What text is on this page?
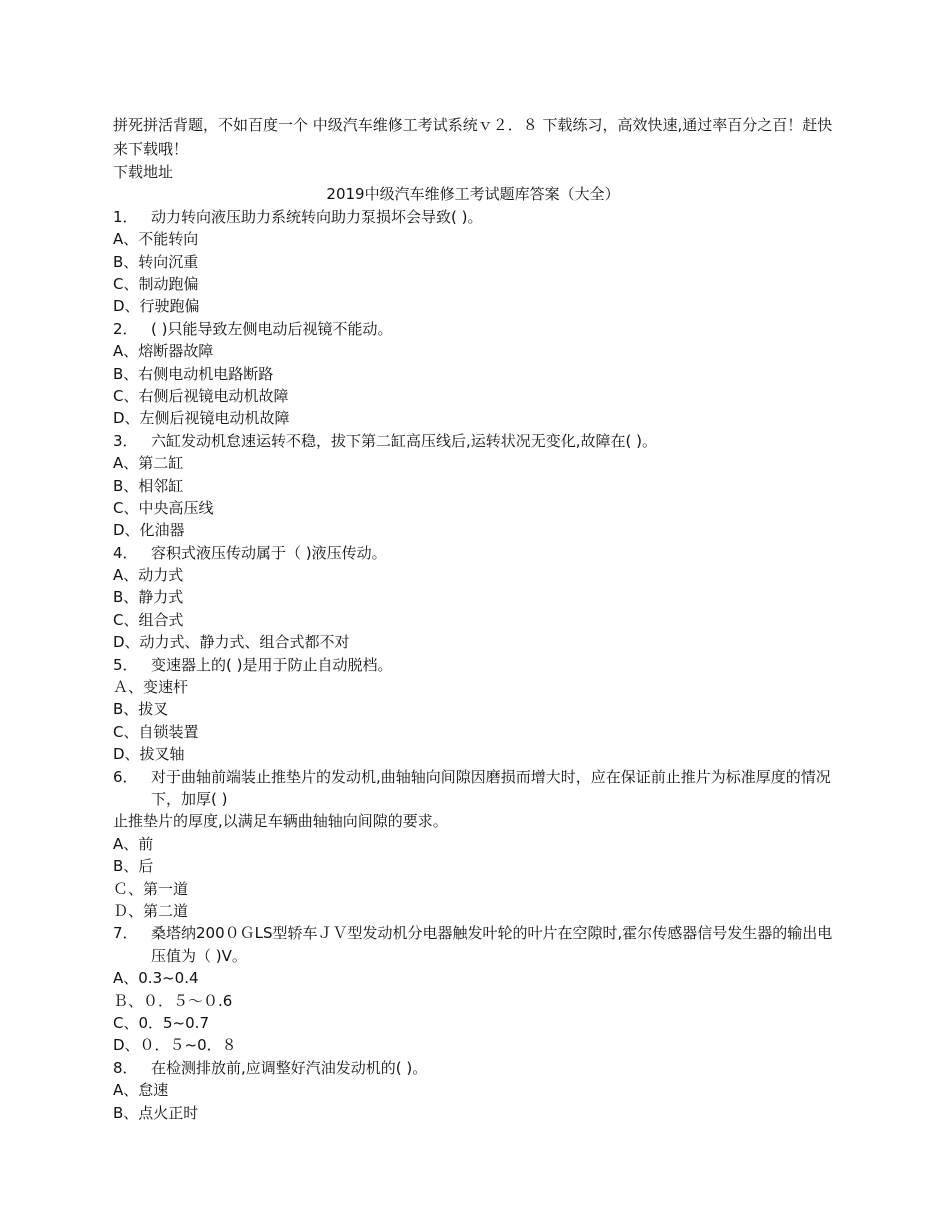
拼死拼活背题，不如百度一个 中级汽车维修工考试系统ｖ２．８ 下载练习，高效快速,通过率百分之百！赶快来下载哦！

下载地址

2019中级汽车维修工考试题库答案（大全）

1． 动力转向液压助力系统转向助力泵损坏会导致( )。

A、不能转向

B、转向沉重

C、制动跑偏

D、行驶跑偏

2． ( )只能导致左侧电动后视镜不能动。

A、熔断器故障

B、右侧电动机电路断路

C、右侧后视镜电动机故障

D、左侧后视镜电动机故障

3． 六缸发动机怠速运转不稳，拔下第二缸高压线后,运转状况无变化,故障在( )。

A、第二缸

B、相邻缸

C、中央高压线

D、化油器

4． 容积式液压传动属于（ )液压传动。

A、动力式

B、静力式

C、组合式

D、动力式、静力式、组合式都不对

5． 变速器上的( )是用于防止自动脱档。

Ａ、变速杆

B、拔叉

C、自锁装置

D、拔叉轴

6． 对于曲轴前端装止推垫片的发动机,曲轴轴向间隙因磨损而增大时，应在保证前止推片为标准厚度的情况下，加厚( )

止推垫片的厚度,以满足车辆曲轴轴向间隙的要求。

A、前

B、后

Ｃ、第一道

Ｄ、第二道

7． 桑塔纳200０ＧLS型轿车ＪＶ型发动机分电器触发叶轮的叶片在空隙时,霍尔传感器信号发生器的输出电压值为（ )V。

A、0.3~0.4

Ｂ、０．５～０.6

C、0．5~0.7

D、０．５~0．８

8． 在检测排放前,应调整好汽油发动机的( )。

A、怠速

B、点火正时
